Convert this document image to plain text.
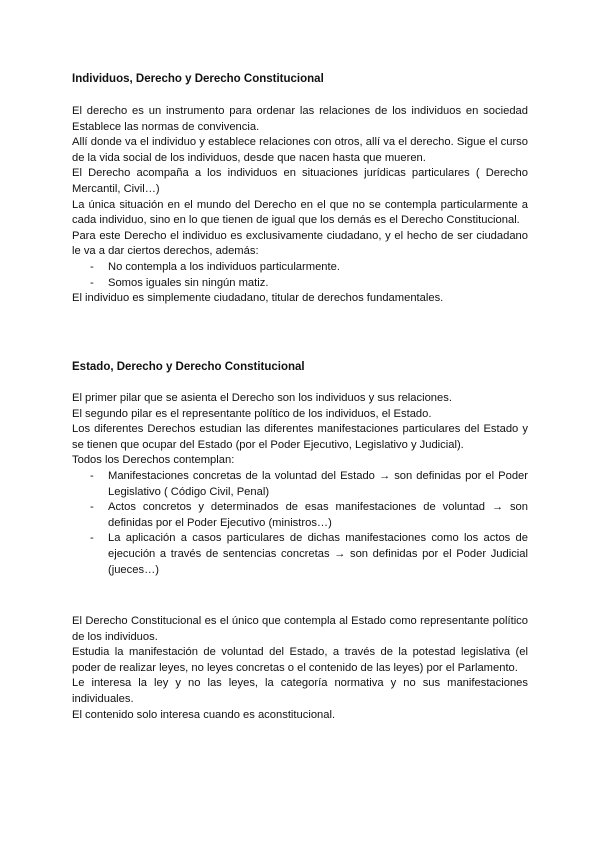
Individuos, Derecho y Derecho Constitucional

El derecho es un instrumento para ordenar las relaciones de los individuos en sociedad Establece las normas de convivencia.

Allí donde va el individuo y establece relaciones con otros, allí va el derecho. Sigue el curso de la vida social de los individuos, desde que nacen hasta que mueren.

El Derecho acompaña a los individuos en situaciones jurídicas particulares ( Derecho Mercantil, Civil…)

La única situación en el mundo del Derecho en el que no se contempla particularmente a cada individuo, sino en lo que tienen de igual que los demás es el Derecho Constitucional.

Para este Derecho el individuo es exclusivamente ciudadano, y el hecho de ser ciudadano le va a dar ciertos derechos, además:

- No contempla a los individuos particularmente.
- Somos iguales sin ningún matiz.

El individuo es simplemente ciudadano, titular de derechos fundamentales.

Estado, Derecho y Derecho Constitucional

El primer pilar que se asienta el Derecho son los individuos y sus relaciones.

El segundo pilar es el representante político de los individuos, el Estado.

Los diferentes Derechos estudian las diferentes manifestaciones particulares del Estado y se tienen que ocupar del Estado (por el Poder Ejecutivo, Legislativo y Judicial).

Todos los Derechos contemplan:

- Manifestaciones concretas de la voluntad del Estado → son definidas por el Poder Legislativo ( Código Civil, Penal)
- Actos concretos y determinados de esas manifestaciones de voluntad → son definidas por el Poder Ejecutivo (ministros…)
- La aplicación a casos particulares de dichas manifestaciones como los actos de ejecución a través de sentencias concretas → son definidas por el Poder Judicial (jueces…)

El Derecho Constitucional es el único que contempla al Estado como representante político de los individuos.

Estudia la manifestación de voluntad del Estado, a través de la potestad legislativa (el poder de realizar leyes, no leyes concretas o el contenido de las leyes) por el Parlamento.

Le interesa la ley y no las leyes, la categoría normativa y no sus manifestaciones individuales.

El contenido solo interesa cuando es aconstitucional.
